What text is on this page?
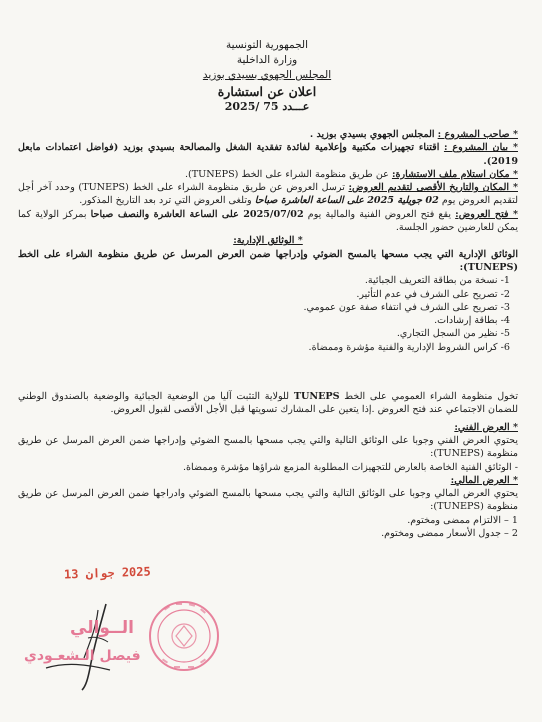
الجمهورية التونسية
وزارة الداخلية
المجلس الجهوي بسيدي بوزيد
اعلان عن استشارة
عـــدد 75 /2025

* صاحب المشروع : المجلس الجهوي بسيدي بوزيد .

* بيان المشروع : اقتناء تجهيزات مكتبية وإعلامية لفائدة تفقدية الشغل والمصالحة بسيدي بوزيد (فواضل اعتمادات مابعل 2019).

* مكان استلام ملف الاستشارة: عن طريق منظومة الشراء على الخط (TUNEPS).

* المكان والتاريخ الأقصى لتقديم العروض: ترسل العروض عن طريق منظومة الشراء على الخط (TUNEPS) وحدد آخر أجل لتقديم العروض يوم 02 جويلية 2025 على الساعة العاشرة صباحا وتلغى العروض التي ترد بعد التاريخ المذكور.

* فتح العروض: يقع فتح العروض الفنية والمالية يوم 2025/07/02 على الساعة العاشرة والنصف صباحا بمركز الولاية كما يمكن للعارضين حضور الجلسة.

* الوثائق الإدارية:

الوثائق الإدارية التي يجب مسحها بالمسح الضوئي وإدراجها ضمن العرض المرسل عن طريق منظومة الشراء على الخط (TUNEPS):

1- نسخة من بطاقة التعريف الجبائية.
2- تصريح على الشرف في عدم التأثير.
3- تصريح على الشرف في انتفاء صفة عون عمومي.
4- بطاقة إرشادات.
5- نظير من السجل التجاري.
6- كراس الشروط الإدارية والفنية مؤشرة وممضاة.

تخول منظومة الشراء العمومي على الخط TUNEPS للولاية التثبت آليا من الوضعية الجبائية والوضعية بالصندوق الوطني للضمان الاجتماعي عند فتح العروض .إذا يتعين على المشارك تسويتها قبل الأجل الأقصى لقبول العروض.

* العرض الفني:

يحتوي العرض الفني وجوبا على الوثائق التالية والتي يجب مسحها بالمسح الضوئي وإدراجها ضمن العرض المرسل عن طريق منظومة (TUNEPS):

- الوثائق الفنية الخاصة بالعارض للتجهيزات المطلوبة المزمع شراؤها مؤشرة وممضاة.

* العرض المالي:

يحتوي العرض المالي وجوبا على الوثائق التالية والتي يجب مسحها بالمسح الضوئي وادراجها ضمن العرض المرسل عن طريق منظومة (TUNEPS):

1 – الالتزام ممضى ومختوم.

2 – جدول الأسعار ممضى ومختوم.

2025 جوان 13
الــوالي
فيصل الـشعـودي
